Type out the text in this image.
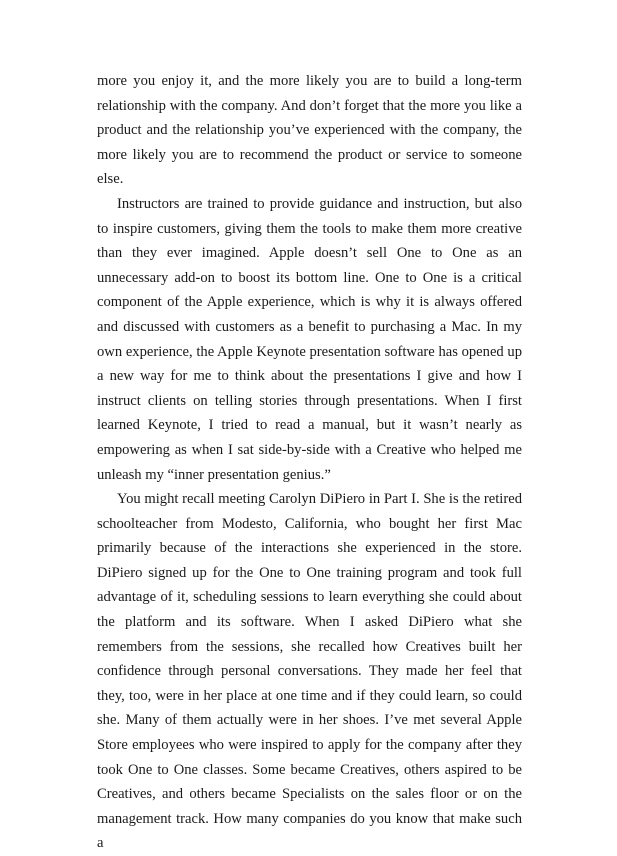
more you enjoy it, and the more likely you are to build a long-term relationship with the company. And don’t forget that the more you like a product and the relationship you’ve experienced with the company, the more likely you are to recommend the product or service to someone else.

Instructors are trained to provide guidance and instruction, but also to inspire customers, giving them the tools to make them more creative than they ever imagined. Apple doesn’t sell One to One as an unnecessary add-on to boost its bottom line. One to One is a critical component of the Apple experience, which is why it is always offered and discussed with customers as a benefit to purchasing a Mac. In my own experience, the Apple Keynote presentation software has opened up a new way for me to think about the presentations I give and how I instruct clients on telling stories through presentations. When I first learned Keynote, I tried to read a manual, but it wasn’t nearly as empowering as when I sat side-by-side with a Creative who helped me unleash my “inner presentation genius.”

You might recall meeting Carolyn DiPiero in Part I. She is the retired schoolteacher from Modesto, California, who bought her first Mac primarily because of the interactions she experienced in the store. DiPiero signed up for the One to One training program and took full advantage of it, scheduling sessions to learn everything she could about the platform and its software. When I asked DiPiero what she remembers from the sessions, she recalled how Creatives built her confidence through personal conversations. They made her feel that they, too, were in her place at one time and if they could learn, so could she. Many of them actually were in her shoes. I’ve met several Apple Store employees who were inspired to apply for the company after they took One to One classes. Some became Creatives, others aspired to be Creatives, and others became Specialists on the sales floor or on the management track. How many companies do you know that make such a
